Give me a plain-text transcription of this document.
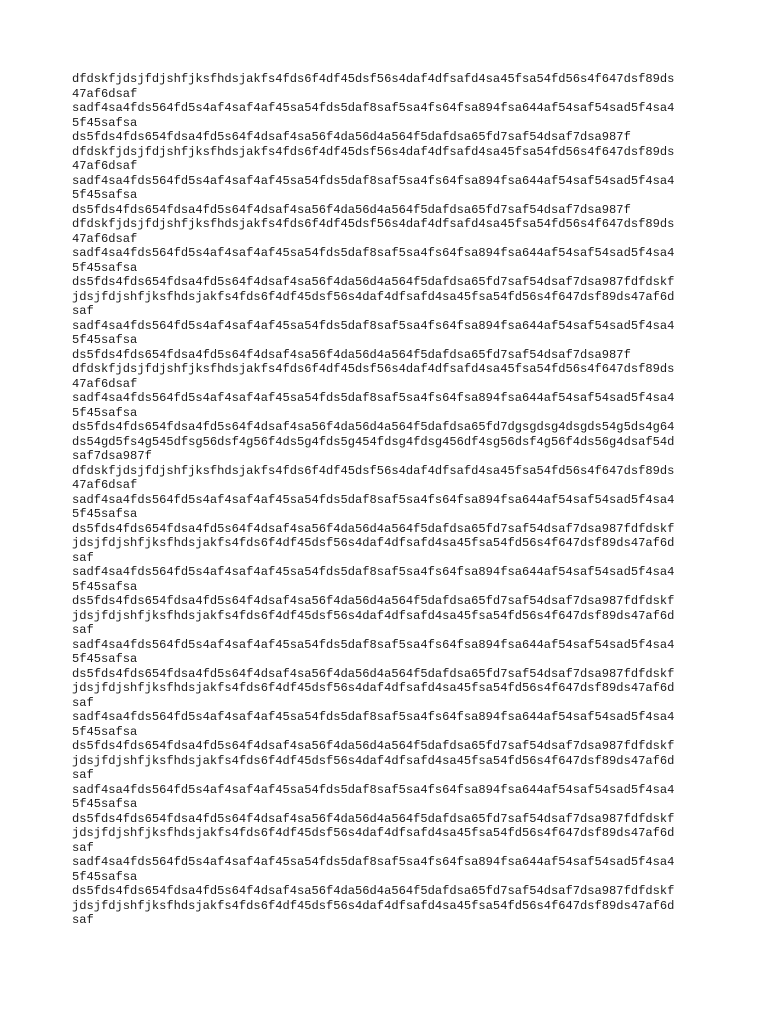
dfdskfjdsjfdjshfjksfhdsjakfs4fds6f4df45dsf56s4daf4dfsafd4sa45fsa54fd56s4f647dsf89ds
47af6dsaf
sadf4sa4fds564fd5s4af4saf4af45sa54fds5daf8saf5sa4fs64fsa894fsa644af54saf54sad5f4sa4
5f45safsa
ds5fds4fds654fdsa4fd5s64f4dsaf4sa56f4da56d4a564f5dafdsa65fd7saf54dsaf7dsa987f
dfdskfjdsjfdjshfjksfhdsjakfs4fds6f4df45dsf56s4daf4dfsafd4sa45fsa54fd56s4f647dsf89ds
47af6dsaf
sadf4sa4fds564fd5s4af4saf4af45sa54fds5daf8saf5sa4fs64fsa894fsa644af54saf54sad5f4sa4
5f45safsa
ds5fds4fds654fdsa4fd5s64f4dsaf4sa56f4da56d4a564f5dafdsa65fd7saf54dsaf7dsa987f
dfdskfjdsjfdjshfjksfhdsjakfs4fds6f4df45dsf56s4daf4dfsafd4sa45fsa54fd56s4f647dsf89ds
47af6dsaf
sadf4sa4fds564fd5s4af4saf4af45sa54fds5daf8saf5sa4fs64fsa894fsa644af54saf54sad5f4sa4
5f45safsa
ds5fds4fds654fdsa4fd5s64f4dsaf4sa56f4da56d4a564f5dafdsa65fd7saf54dsaf7dsa987fdfdskf
jdsjfdjshfjksfhdsjakfs4fds6f4df45dsf56s4daf4dfsafd4sa45fsa54fd56s4f647dsf89ds47af6d
saf
sadf4sa4fds564fd5s4af4saf4af45sa54fds5daf8saf5sa4fs64fsa894fsa644af54saf54sad5f4sa4
5f45safsa
ds5fds4fds654fdsa4fd5s64f4dsaf4sa56f4da56d4a564f5dafdsa65fd7saf54dsaf7dsa987f
dfdskfjdsjfdjshfjksfhdsjakfs4fds6f4df45dsf56s4daf4dfsafd4sa45fsa54fd56s4f647dsf89ds
47af6dsaf
sadf4sa4fds564fd5s4af4saf4af45sa54fds5daf8saf5sa4fs64fsa894fsa644af54saf54sad5f4sa4
5f45safsa
ds5fds4fds654fdsa4fd5s64f4dsaf4sa56f4da56d4a564f5dafdsa65fd7dgsgdsg4dsgds54g5ds4g64
ds54gd5fs4g545dfsg56dsf4g56f4ds5g4fds5g454fdsg4fdsg456df4sg56dsf4g56f4ds56g4dsaf54d
saf7dsa987f
dfdskfjdsjfdjshfjksfhdsjakfs4fds6f4df45dsf56s4daf4dfsafd4sa45fsa54fd56s4f647dsf89ds
47af6dsaf
sadf4sa4fds564fd5s4af4saf4af45sa54fds5daf8saf5sa4fs64fsa894fsa644af54saf54sad5f4sa4
5f45safsa
ds5fds4fds654fdsa4fd5s64f4dsaf4sa56f4da56d4a564f5dafdsa65fd7saf54dsaf7dsa987fdfdskf
jdsjfdjshfjksfhdsjakfs4fds6f4df45dsf56s4daf4dfsafd4sa45fsa54fd56s4f647dsf89ds47af6d
saf
sadf4sa4fds564fd5s4af4saf4af45sa54fds5daf8saf5sa4fs64fsa894fsa644af54saf54sad5f4sa4
5f45safsa
ds5fds4fds654fdsa4fd5s64f4dsaf4sa56f4da56d4a564f5dafdsa65fd7saf54dsaf7dsa987fdfdskf
jdsjfdjshfjksfhdsjakfs4fds6f4df45dsf56s4daf4dfsafd4sa45fsa54fd56s4f647dsf89ds47af6d
saf
sadf4sa4fds564fd5s4af4saf4af45sa54fds5daf8saf5sa4fs64fsa894fsa644af54saf54sad5f4sa4
5f45safsa
ds5fds4fds654fdsa4fd5s64f4dsaf4sa56f4da56d4a564f5dafdsa65fd7saf54dsaf7dsa987fdfdskf
jdsjfdjshfjksfhdsjakfs4fds6f4df45dsf56s4daf4dfsafd4sa45fsa54fd56s4f647dsf89ds47af6d
saf
sadf4sa4fds564fd5s4af4saf4af45sa54fds5daf8saf5sa4fs64fsa894fsa644af54saf54sad5f4sa4
5f45safsa
ds5fds4fds654fdsa4fd5s64f4dsaf4sa56f4da56d4a564f5dafdsa65fd7saf54dsaf7dsa987fdfdskf
jdsjfdjshfjksfhdsjakfs4fds6f4df45dsf56s4daf4dfsafd4sa45fsa54fd56s4f647dsf89ds47af6d
saf
sadf4sa4fds564fd5s4af4saf4af45sa54fds5daf8saf5sa4fs64fsa894fsa644af54saf54sad5f4sa4
5f45safsa
ds5fds4fds654fdsa4fd5s64f4dsaf4sa56f4da56d4a564f5dafdsa65fd7saf54dsaf7dsa987fdfdskf
jdsjfdjshfjksfhdsjakfs4fds6f4df45dsf56s4daf4dfsafd4sa45fsa54fd56s4f647dsf89ds47af6d
saf
sadf4sa4fds564fd5s4af4saf4af45sa54fds5daf8saf5sa4fs64fsa894fsa644af54saf54sad5f4sa4
5f45safsa
ds5fds4fds654fdsa4fd5s64f4dsaf4sa56f4da56d4a564f5dafdsa65fd7saf54dsaf7dsa987fdfdskf
jdsjfdjshfjksfhdsjakfs4fds6f4df45dsf56s4daf4dfsafd4sa45fsa54fd56s4f647dsf89ds47af6d
saf
